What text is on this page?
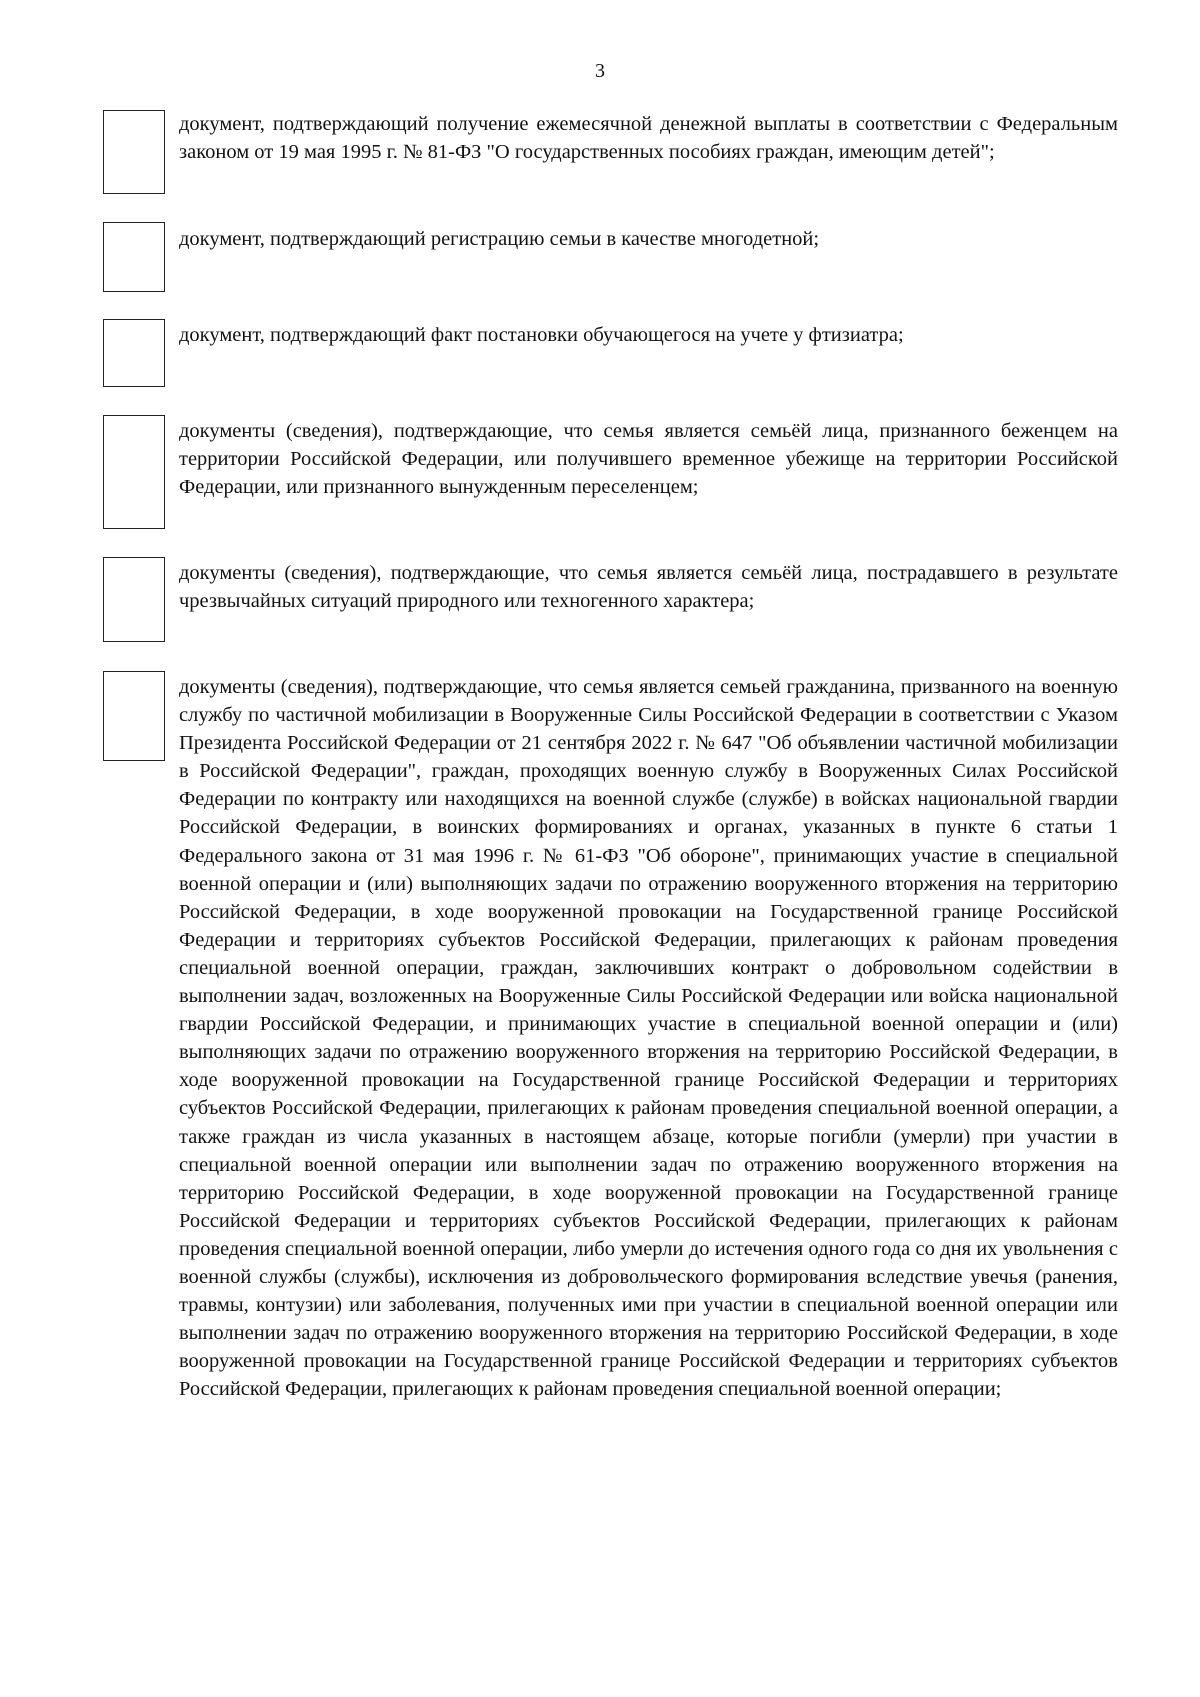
3

документ, подтверждающий получение ежемесячной денежной выплаты в соответствии с Федеральным законом от 19 мая 1995 г. № 81-ФЗ "О государственных пособиях граждан, имеющим детей";

документ, подтверждающий регистрацию семьи в качестве многодетной;

документ, подтверждающий факт постановки обучающегося на учете у фтизиатра;

документы (сведения), подтверждающие, что семья является семьёй лица, признанного беженцем на территории Российской Федерации, или получившего временное убежище на территории Российской Федерации, или признанного вынужденным переселенцем;

документы (сведения), подтверждающие, что семья является семьёй лица, пострадавшего в результате чрезвычайных ситуаций природного или техногенного характера;

документы (сведения), подтверждающие, что семья является семьей гражданина, призванного на военную службу по частичной мобилизации в Вооруженные Силы Российской Федерации в соответствии с Указом Президента Российской Федерации от 21 сентября 2022 г. № 647 "Об объявлении частичной мобилизации в Российской Федерации", граждан, проходящих военную службу в Вооруженных Силах Российской Федерации по контракту или находящихся на военной службе (службе) в войсках национальной гвардии Российской Федерации, в воинских формированиях и органах, указанных в пункте 6 статьи 1 Федерального закона от 31 мая 1996 г. № 61-ФЗ "Об обороне", принимающих участие в специальной военной операции и (или) выполняющих задачи по отражению вооруженного вторжения на территорию Российской Федерации, в ходе вооруженной провокации на Государственной границе Российской Федерации и территориях субъектов Российской Федерации, прилегающих к районам проведения специальной военной операции, граждан, заключивших контракт о добровольном содействии в выполнении задач, возложенных на Вооруженные Силы Российской Федерации или войска национальной гвардии Российской Федерации, и принимающих участие в специальной военной операции и (или) выполняющих задачи по отражению вооруженного вторжения на территорию Российской Федерации, в ходе вооруженной провокации на Государственной границе Российской Федерации и территориях субъектов Российской Федерации, прилегающих к районам проведения специальной военной операции, а также граждан из числа указанных в настоящем абзаце, которые погибли (умерли) при участии в специальной военной операции или выполнении задач по отражению вооруженного вторжения на территорию Российской Федерации, в ходе вооруженной провокации на Государственной границе Российской Федерации и территориях субъектов Российской Федерации, прилегающих к районам проведения специальной военной операции, либо умерли до истечения одного года со дня их увольнения с военной службы (службы), исключения из добровольческого формирования вследствие увечья (ранения, травмы, контузии) или заболевания, полученных ими при участии в специальной военной операции или выполнении задач по отражению вооруженного вторжения на территорию Российской Федерации, в ходе вооруженной провокации на Государственной границе Российской Федерации и территориях субъектов Российской Федерации, прилегающих к районам проведения специальной военной операции;
